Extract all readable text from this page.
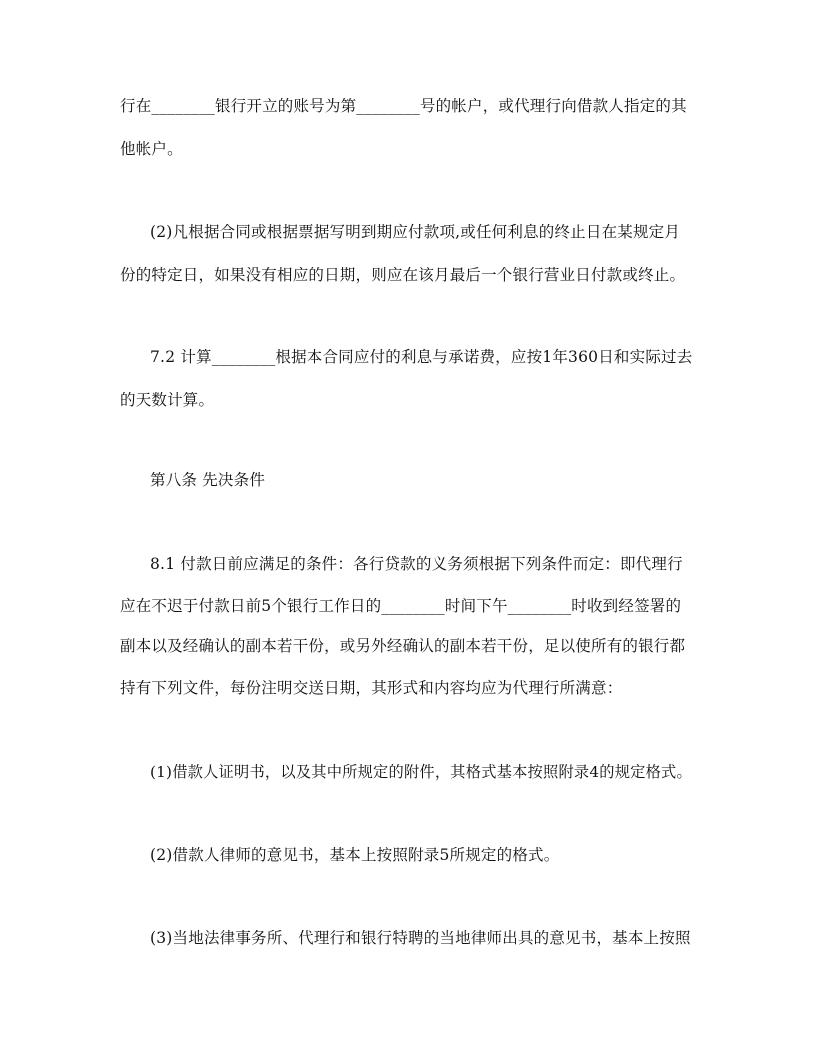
行在________银行开立的账号为第________号的帐户，或代理行向借款人指定的其
他帐户。
(2)凡根据合同或根据票据写明到期应付款项,或任何利息的终止日在某规定月
份的特定日，如果没有相应的日期，则应在该月最后一个银行营业日付款或终止。
7.2 计算________根据本合同应付的利息与承诺费，应按1年360日和实际过去
的天数计算。
第八条 先决条件
8.1 付款日前应满足的条件：各行贷款的义务须根据下列条件而定：即代理行
应在不迟于付款日前5个银行工作日的________时间下午________时收到经签署的
副本以及经确认的副本若干份，或另外经确认的副本若干份，足以使所有的银行都
持有下列文件，每份注明交送日期，其形式和内容均应为代理行所满意：
(1)借款人证明书，以及其中所规定的附件，其格式基本按照附录4的规定格式。
(2)借款人律师的意见书，基本上按照附录5所规定的格式。
(3)当地法律事务所、代理行和银行特聘的当地律师出具的意见书，基本上按照
